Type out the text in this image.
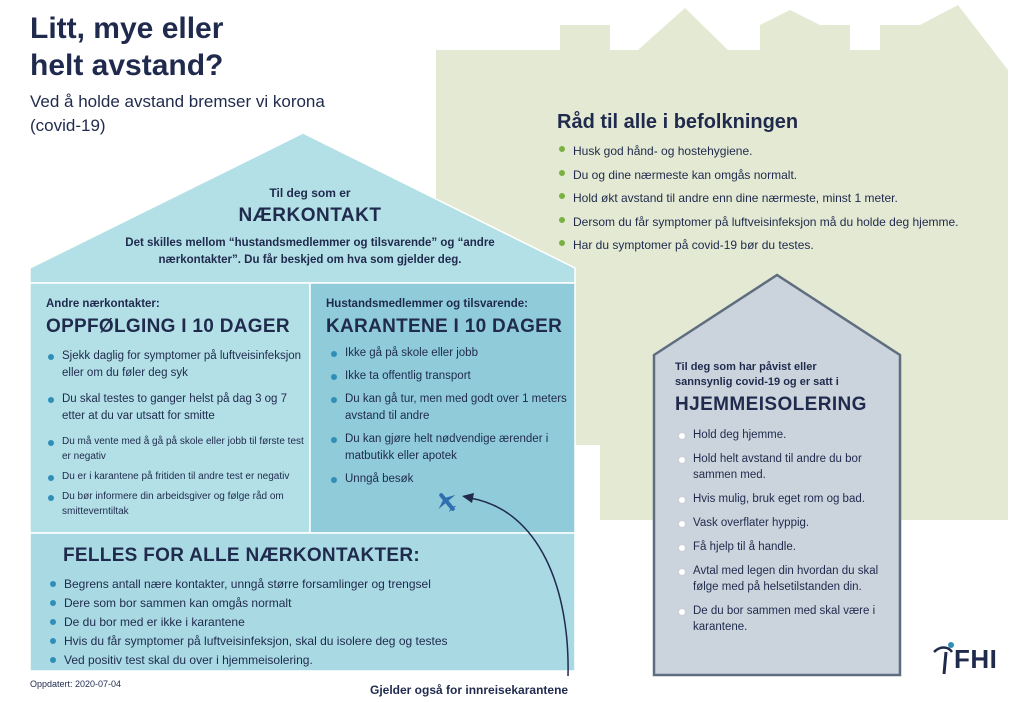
Litt, mye eller
helt avstand?
Ved å holde avstand bremser vi korona (covid-19)	Råd til alle i befolkningen
Husk god hånd- og hostehygiene.
Du og dine nærmeste kan omgås normalt.
Hold økt avstand til andre enn dine nærmeste, minst 1 meter.
Dersom du får symptomer på luftveisinfeksjon må du holde deg hjemme.
Har du symptomer på covid-19 bør du testes.
Til deg som er
NÆRKONTAKT
Det skilles mellom “hustandsmedlemmer og tilsvarende” og “andre nærkontakter”. Du får beskjed om hva som gjelder deg.
Andre nærkontakter:
OPPFØLGING I 10 DAGER
Sjekk daglig for symptomer på luftveisinfeksjon eller om du føler deg syk
Du skal testes to ganger helst på dag 3 og 7 etter at du var utsatt for smitte
Du må vente med å gå på skole eller jobb til første test er negativ
Du er i karantene på fritiden til andre test er negativ
Du bør informere din arbeidsgiver og følge råd om smitteverntiltak
Hustandsmedlemmer og tilsvarende:
KARANTENE I 10 DAGER
Ikke gå på skole eller jobb
Ikke ta offentlig transport
Du kan gå tur, men med godt over 1 meters avstand til andre
Du kan gjøre helt nødvendige ærender i matbutikk eller apotek
Unngå besøk
FELLES FOR ALLE NÆRKONTAKTER:
Begrens antall nære kontakter, unngå større forsamlinger og trengsel
Dere som bor sammen kan omgås normalt
De du bor med er ikke i karantene
Hvis du får symptomer på luftveisinfeksjon, skal du isolere deg og testes
Ved positiv test skal du over i hjemmeisolering.
Til deg som har påvist eller sannsynlig covid-19 og er satt i
HJEMMEISOLERING
Hold deg hjemme.
Hold helt avstand til andre du bor sammen med.
Hvis mulig, bruk eget rom og bad.
Vask overflater hyppig.
Få hjelp til å handle.
Avtal med legen din hvordan du skal følge med på helsetilstanden din.
De du bor sammen med skal være i karantene.
Oppdatert: 2020-07-04	Gjelder også for innreisekarantene
FHI
